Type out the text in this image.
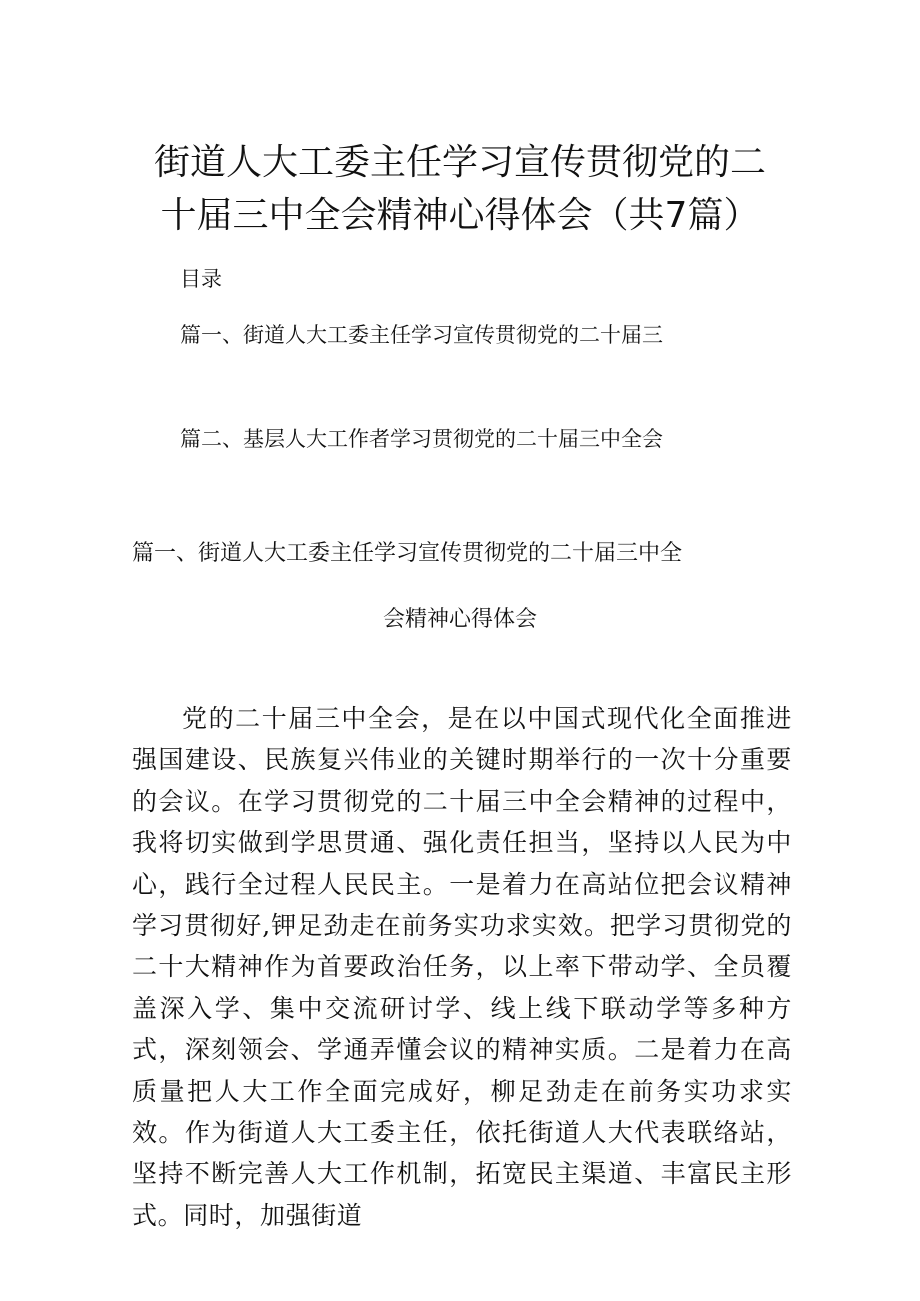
街道人大工委主任学习宣传贯彻党的二十届三中全会精神心得体会（共7篇）
目录
篇一、街道人大工委主任学习宣传贯彻党的二十届三
篇二、基层人大工作者学习贯彻党的二十届三中全会
篇一、街道人大工委主任学习宣传贯彻党的二十届三中全
会精神心得体会

党的二十届三中全会，是在以中国式现代化全面推进强国建设、民族复兴伟业的关键时期举行的一次十分重要的会议。在学习贯彻党的二十届三中全会精神的过程中，我将切实做到学思贯通、强化责任担当，坚持以人民为中心，践行全过程人民民主。一是着力在高站位把会议精神学习贯彻好,钾足劲走在前务实功求实效。把学习贯彻党的二十大精神作为首要政治任务，以上率下带动学、全员覆盖深入学、集中交流研讨学、线上线下联动学等多种方式，深刻领会、学通弄懂会议的精神实质。二是着力在高质量把人大工作全面完成好，柳足劲走在前务实功求实效。作为街道人大工委主任，依托街道人大代表联络站，坚持不断完善人大工作机制，拓宽民主渠道、丰富民主形式。同时，加强街道
